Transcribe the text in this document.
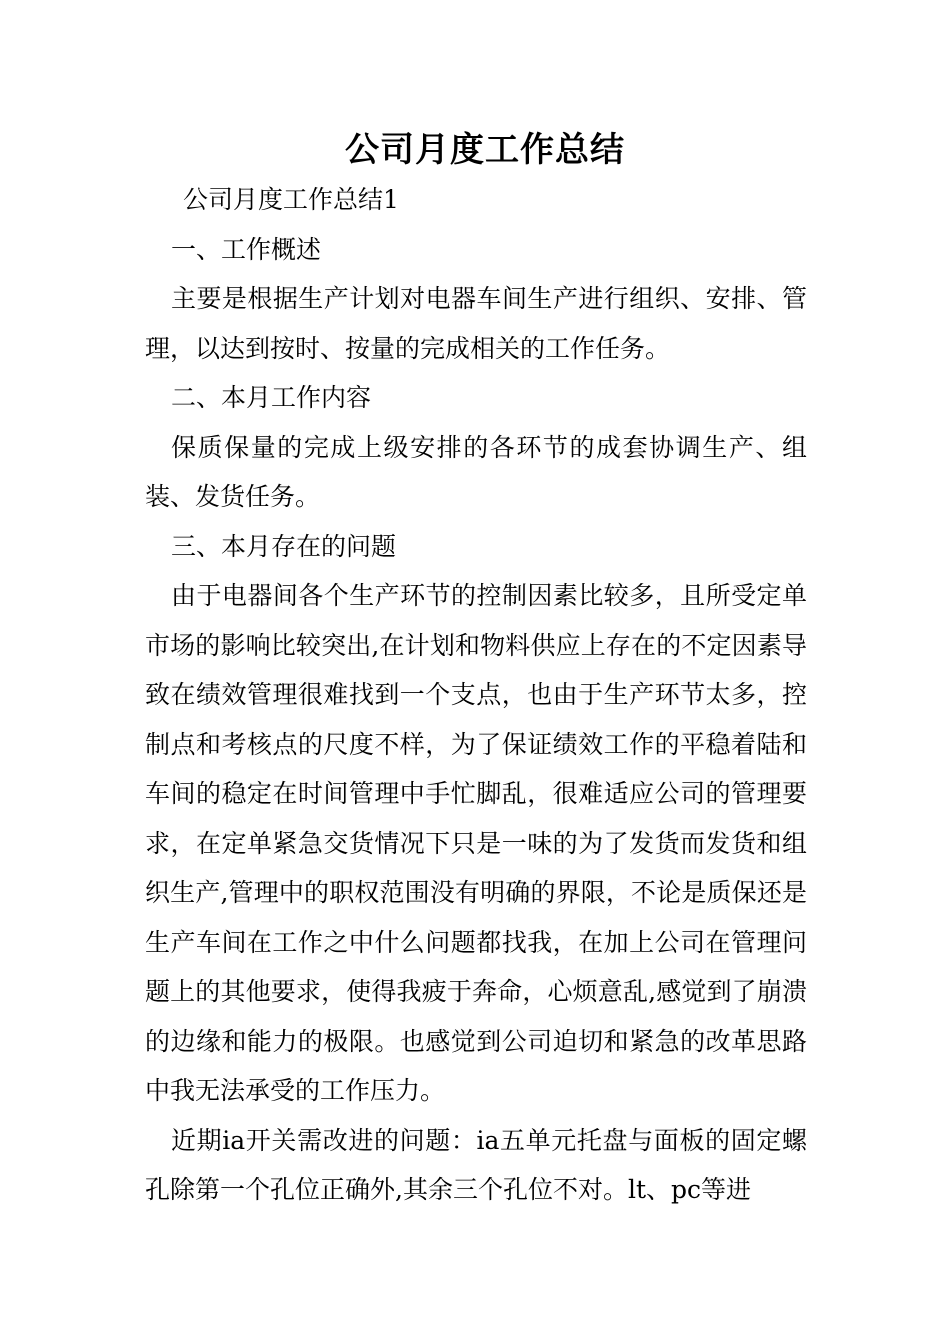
公司月度工作总结

公司月度工作总结1

一、工作概述

主要是根据生产计划对电器车间生产进行组织、安排、管理，以达到按时、按量的完成相关的工作任务。

二、本月工作内容

保质保量的完成上级安排的各环节的成套协调生产、组装、发货任务。

三、本月存在的问题

由于电器间各个生产环节的控制因素比较多，且所受定单市场的影响比较突出,在计划和物料供应上存在的不定因素导致在绩效管理很难找到一个支点，也由于生产环节太多，控制点和考核点的尺度不样，为了保证绩效工作的平稳着陆和车间的稳定在时间管理中手忙脚乱，很难适应公司的管理要求，在定单紧急交货情况下只是一味的为了发货而发货和组织生产,管理中的职权范围没有明确的界限，不论是质保还是生产车间在工作之中什么问题都找我，在加上公司在管理问题上的其他要求，使得我疲于奔命，心烦意乱,感觉到了崩溃的边缘和能力的极限。也感觉到公司迫切和紧急的改革思路中我无法承受的工作压力。

近期ia开关需改进的问题：ia五单元托盘与面板的固定螺孔除第一个孔位正确外,其余三个孔位不对。lt、pc等进
